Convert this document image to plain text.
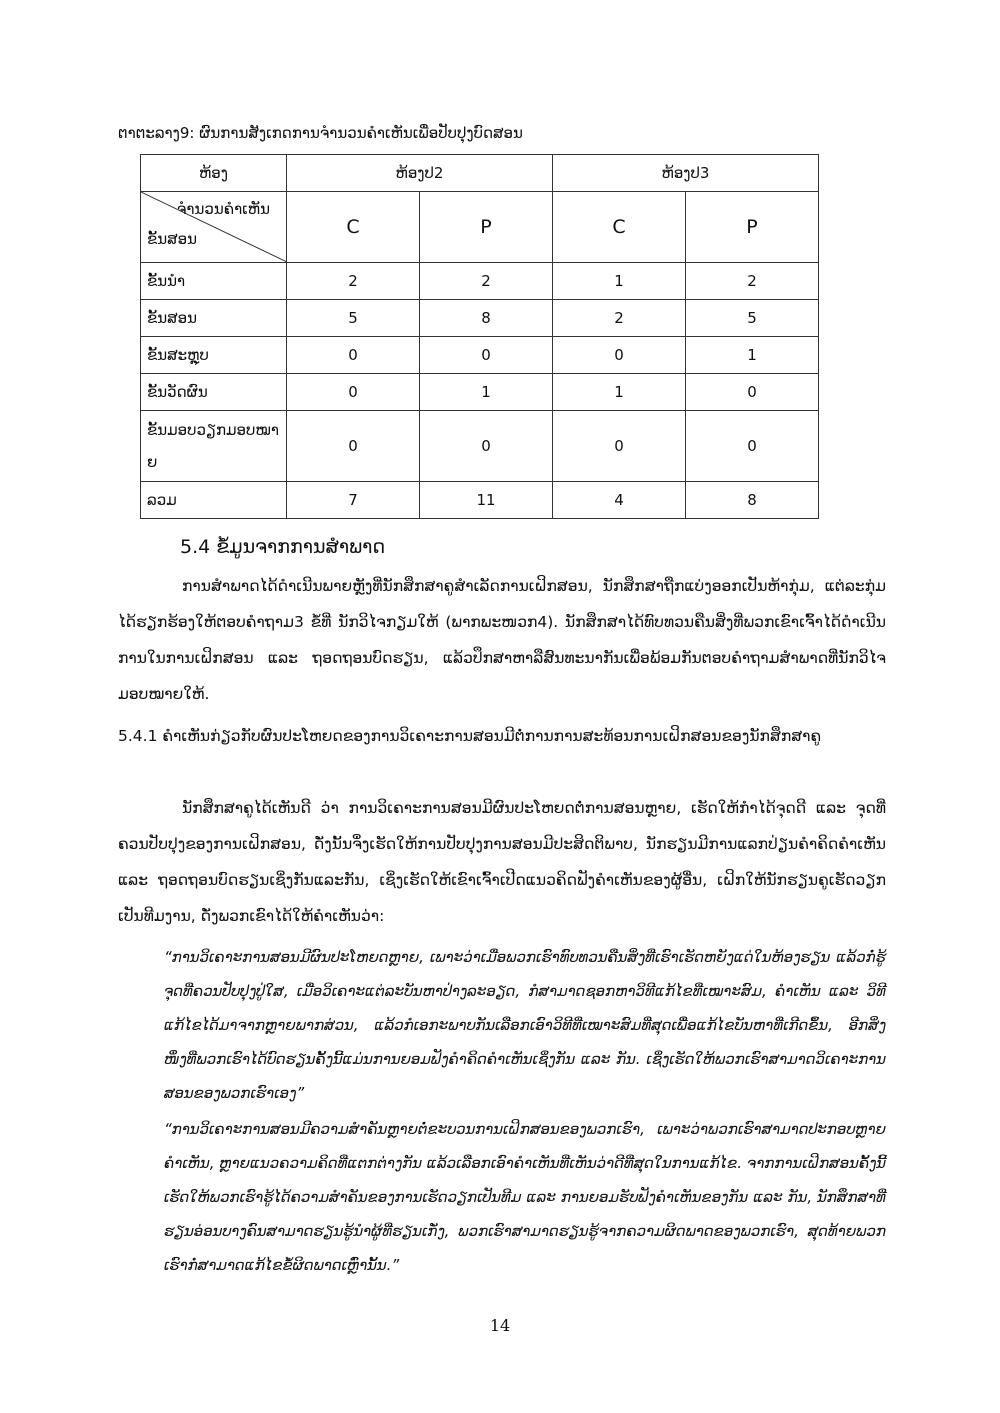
ຕາຕະລາງ9: ຜົນການສັງເກດການຈໍານວນຄໍາເຫັນເພື່ອປັບປຸງບົດສອນ

ຫ້ອງ	ຫ້ອງປ2		ຫ້ອງປ3	

ຈໍານວນຄໍາເຫັນ
ຂັ້ນສອນ	C	P	C	P
ຂັ້ນນໍາ	2	2	1	2
ຂັ້ນສອນ	5	8	2	5
ຂັ້ນສະຫຼຸບ	0	0	0	1
ຂັ້ນວັດຜົນ	0	1	1	0
ຂັ້ນມອບວຽກມອບໝາຍ	0	0	0	0
ລວມ	7	11	4	8

5.4 ຂໍ້ມູນຈາກການສໍາພາດ

ການສໍາພາດໄດ້ດໍາເນີນພາຍຫຼັງທີ່ນັກສຶກສາຄູສໍາເລັດການເຝິກສອນ, ນັກສຶກສາຖືກແບ່ງອອກເປັນຫ້າກຸ່ມ, ແຕ່ລະກຸ່ມໄດ້ຮຽກຮ້ອງໃຫ້ຕອບຄໍາຖາມ3 ຂໍ້ທີ່ ນັກວິໄຈກຽມໃຫ້ (ພາກພະໜວກ4). ນັກສຶກສາໄດ້ທົບທວນຄືນສິ່ງທີ່ພວກເຂົາເຈົ້າໄດ້ດໍາເນີນການໃນການເຝິກສອນ ແລະ ຖອດຖອນບົດຮຽນ, ແລ້ວປຶກສາຫາລືສົນທະນາກັນເພື່ອພ້ອມກັນຕອບຄໍາຖາມສໍາພາດທີ່ນັກວິໄຈມອບໝາຍໃຫ້.

5.4.1 ຄໍາເຫັນກ່ຽວກັບຜົນປະໂຫຍດຂອງການວິເຄາະການສອນມີຕໍ່ການການສະທ້ອນການເຝິກສອນຂອງນັກສຶກສາຄູ

ນັກສຶກສາຄູໄດ້ເຫັນດີ ວ່າ ການວິເຄາະການສອນມີຜົນປະໂຫຍດຕໍ່ການສອນຫຼາຍ, ເຮັດໃຫ້ກໍາໄດ້ຈຸດດີ ແລະ ຈຸດທີ່ຄວນປັບປຸງຂອງການເຝິກສອນ, ດັ່ງນັ້ນຈຶ່ງເຮັດໃຫ້ການປັບປຸງການສອນມີປະສິດຕິພາບ, ນັກຮຽນມີການແລກປ່ຽນຄໍາຄິດຄໍາເຫັນ ແລະ ຖອດຖອນບົດຮຽນເຊິ່ງກັນແລະກັນ, ເຊິ່ງເຮັດໃຫ້ເຂົາເຈົ້າເປີດແນວຄິດຟັງຄໍາເຫັນຂອງຜູ້ອື່ນ, ເຝິກໃຫ້ນັກຮຽນຄູເຮັດວຽກເປັນທີມງານ, ດັ່ງພວກເຂົາໄດ້ໃຫ້ຄໍາເຫັນວ່າ:

“ການວິເຄາະການສອນມີຜົນປະໂຫຍດຫຼາຍ, ເພາະວ່າເມື່ອພວກເຮົາທົບທວນຄືນສິ່ງທີ່ເຮົາເຮັດຫຍັງແດ່ໃນຫ້ອງຮຽນ ແລ້ວກໍ່ຮູ້ຈຸດທີ່ຄວນປັບປຸງປູ່ໃສ, ເມື່ອວິເຄາະແຕ່ລະບັນຫາປ່າງລະອຽດ, ກໍສາມາດຊອກຫາວິທີແກ້ໄຂທີ່ເໝາະສົມ, ຄໍາເຫັນ ແລະ ວິທີແກ້ໄຂໄດ້ມາຈາກຫຼາຍພາກສ່ວນ, ແລ້ວກໍເອກະພາບກັນເລືອກເອົາວິທີທີ່ເໝາະສົມທີ່ສຸດເພື່ອແກ້ໄຂບັນຫາທີ່ເກີດຂຶ້ນ, ອີກສິ່ງໜຶ່ງທີ່ພວກເຮົາໄດ້ບົດຮຽນຄັ້ງນີ້ແມ່ນການຍອມຟັງຄໍາຄິດຄໍາເຫັນເຊິ່ງກັນ ແລະ ກັນ. ເຊິ່ງເຮັດໃຫ້ພວກເຮົາສາມາດວິເຄາະການສອນຂອງພວກເຮົາເອງ”

“ການວິເຄາະການສອນມີຄວາມສໍາຄັນຫຼາຍຕໍ່ຂະບວນການເຝິກສອນຂອງພວກເຮົາ, ເພາະວ່າພວກເຮົາສາມາດປະກອບຫຼາຍຄໍາເຫັນ, ຫຼາຍແນວຄວາມຄິດທີ່ແຕກຕ່າງກັນ ແລ້ວເລືອກເອົາຄໍາເຫັນທີ່ເຫັນວ່າດີທີ່ສຸດໃນການແກ້ໄຂ. ຈາກການເຝິກສອນຄັ້ງນີ້ເຮັດໃຫ້ພວກເຮົາຮູ້ໄດ້ຄວາມສໍາຄັນຂອງການເຮັດວຽກເປັນທີມ ແລະ ການຍອມຮັບຟັງຄໍາເຫັນຂອງກັນ ແລະ ກັນ, ນັກສຶກສາທີ່ຮຽນອ່ອນບາງຄົນສາມາດຮຽນຮູ້ນໍາຜູ້ທີ່ຮຽນເກັ່ງ, ພວກເຮົາສາມາດຮຽນຮູ້ຈາກຄວາມຜິດພາດຂອງພວກເຮົາ, ສຸດທ້າຍພວກເຮົາກໍ່ສາມາດແກ້ໄຂຂໍ້ຜິດພາດເຫຼົ່ານັ້ນ.”

14
